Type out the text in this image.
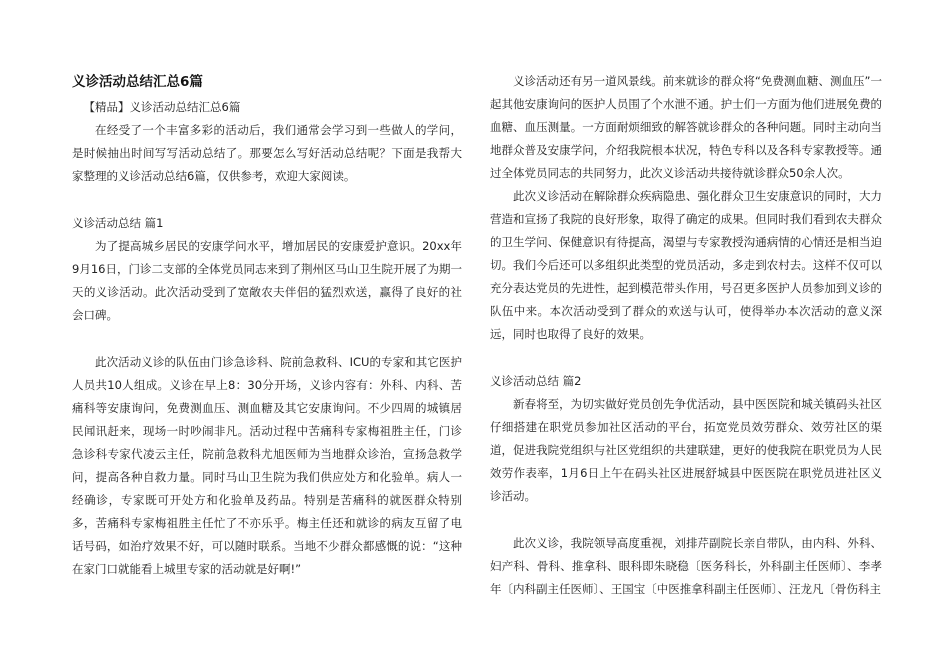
义诊活动总结汇总6篇

【精品】义诊活动总结汇总6篇

在经受了一个丰富多彩的活动后，我们通常会学习到一些做人的学问，是时候抽出时间写写活动总结了。那要怎么写好活动总结呢？下面是我帮大家整理的义诊活动总结6篇，仅供参考，欢迎大家阅读。

义诊活动总结 篇1

为了提高城乡居民的安康学问水平，增加居民的安康爱护意识。20xx年9月16日，门诊二支部的全体党员同志来到了荆州区马山卫生院开展了为期一天的义诊活动。此次活动受到了宽敞农夫伴侣的猛烈欢送，赢得了良好的社会口碑。

此次活动义诊的队伍由门诊急诊科、院前急救科、ICU的专家和其它医护人员共10人组成。义诊在早上8：30分开场，义诊内容有：外科、内科、苦痛科等安康询问，免费测血压、测血糖及其它安康询问。不少四周的城镇居民闻讯赶来，现场一时吵闹非凡。活动过程中苦痛科专家梅祖胜主任，门诊急诊科专家代凌云主任，院前急救科尤旭医师为当地群众诊治，宣扬急救学问，提高各种自救力量。同时马山卫生院为我们供应处方和化验单。病人一经确诊，专家既可开处方和化验单及药品。特别是苦痛科的就医群众特别多，苦痛科专家梅祖胜主任忙了不亦乐乎。梅主任还和就诊的病友互留了电话号码，如治疗效果不好，可以随时联系。当地不少群众都感慨的说：“这种在家门口就能看上城里专家的活动就是好啊!”

义诊活动还有另一道风景线。前来就诊的群众将“免费测血糖、测血压”一起其他安康询问的医护人员围了个水泄不通。护士们一方面为他们进展免费的血糖、血压测量。一方面耐烦细致的解答就诊群众的各种问题。同时主动向当地群众普及安康学问，介绍我院根本状况，特色专科以及各科专家教授等。通过全体党员同志的共同努力，此次义诊活动共接待就诊群众50余人次。

此次义诊活动在解除群众疾病隐患、强化群众卫生安康意识的同时，大力营造和宣扬了我院的良好形象，取得了确定的成果。但同时我们看到农夫群众的卫生学问、保健意识有待提高，渴望与专家教授沟通病情的心情还是相当迫切。我们今后还可以多组织此类型的党员活动，多走到农村去。这样不仅可以充分表达党员的先进性，起到模范带头作用，号召更多医护人员参加到义诊的队伍中来。本次活动受到了群众的欢送与认可，使得举办本次活动的意义深远，同时也取得了良好的效果。

义诊活动总结 篇2

新春将至，为切实做好党员创先争优活动，县中医医院和城关镇码头社区仔细搭建在职党员参加社区活动的平台，拓宽党员效劳群众、效劳社区的渠道，促进我院党组织与社区党组织的共建联建，更好的使我院在职党员为人民效劳作表率，1月6日上午在码头社区进展舒城县中医医院在职党员进社区义诊活动。

此次义诊，我院领导高度重视，刘排芹副院长亲自带队，由内科、外科、妇产科、骨科、推拿科、眼科即朱晓稳〔医务科长，外科副主任医师〕、李孝年〔内科副主任医师〕、王国宝〔中医推拿科副主任医师〕、汪龙凡〔骨伤科主
